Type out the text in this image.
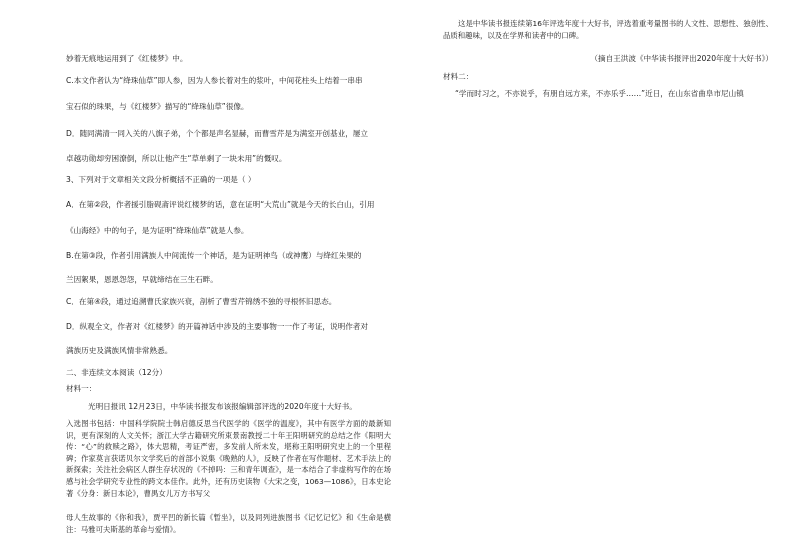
妙着无痕地运用到了《红楼梦》中。
C.本文作者认为“绛珠仙草”即人参，因为人参长着对生的浆叶，中间花柱头上结着一串串
宝石似的珠果，与《红楼梦》描写的“绛珠仙草”很像。
D．随同满清一同入关的八旗子弟，个个都是声名显赫，而曹雪芹是为满室开创基业，屡立
卓越功勋却穷困潦倒，所以让他产生“草单剩了一块未用”的慨叹。
3、下列对于文章相关文段分析概括不正确的一项是（ ）
A．在第②段，作者援引脂砚斋评说红楼梦的话，意在证明“大荒山”就是今天的长白山，引用
《山海经》中的句子，是为证明“绛珠仙草”就是人参。
B.在第③段，作者引用满族人中间流传一个神话，是为证明神鸟（或神鹰）与绛红朱果的
兰因絮果，恩恩怨怨，早就缔结在三生石畔。
C．在第④段，通过追溯曹氏家族兴衰，剖析了曹雪芹锦绣不独的寻根怀旧思态。
D．纵观全文，作者对《红楼梦》的开篇神话中涉及的主要事物一一作了考证，说明作者对
满族历史及满族风情非常熟悉。
二、非连续文本阅读（12分）
材料一：
光明日报讯 12月23日，中华读书报发布该报编辑部评选的2020年度十大好书。
入选图书包括：中国科学院院士韩启德反思当代医学的《医学的温度》，其中有医学方面的最新知识，更有深刻的人文关怀；浙江大学古籍研究所束景南教授二十年王阳明研究的总结之作《阳明大传：“心”的救赎之路》，体大思精，考证严密，多发前人所未发，堪称王阳明研究史上的一个里程碑；作家莫言获诺贝尔文学奖后的首部小说集《晚熟的人》，反映了作者在写作题材、艺术手法上的新探索；关注社会病区人群生存状况的《不掉吗：三和青年调查》，是一本结合了非虚构写作的在场感与社会学研究专业性的跨文本佳作。此外，还有历史读物《大宋之变，1063—1086》，日本史论著《分身：新日本论》，曹禺女儿万方书写父
母人生故事的《你和我》，贾平凹的新长篇《暂坐》，以及同列进族图书《记忆记忆》和《生命是横注：马雅可夫斯基的革命与爱情》。
这是中华读书报连续第16年评选年度十大好书，评选着重考量图书的人文性、思想性、独创性、品质和趣味，以及在学界和读者中的口碑。
（摘自王洪波《中华读书报评出2020年度十大好书》）
材料二：
“学而时习之，不亦说乎，有朋自远方来，不亦乐乎……”近日，在山东省曲阜市尼山镇
